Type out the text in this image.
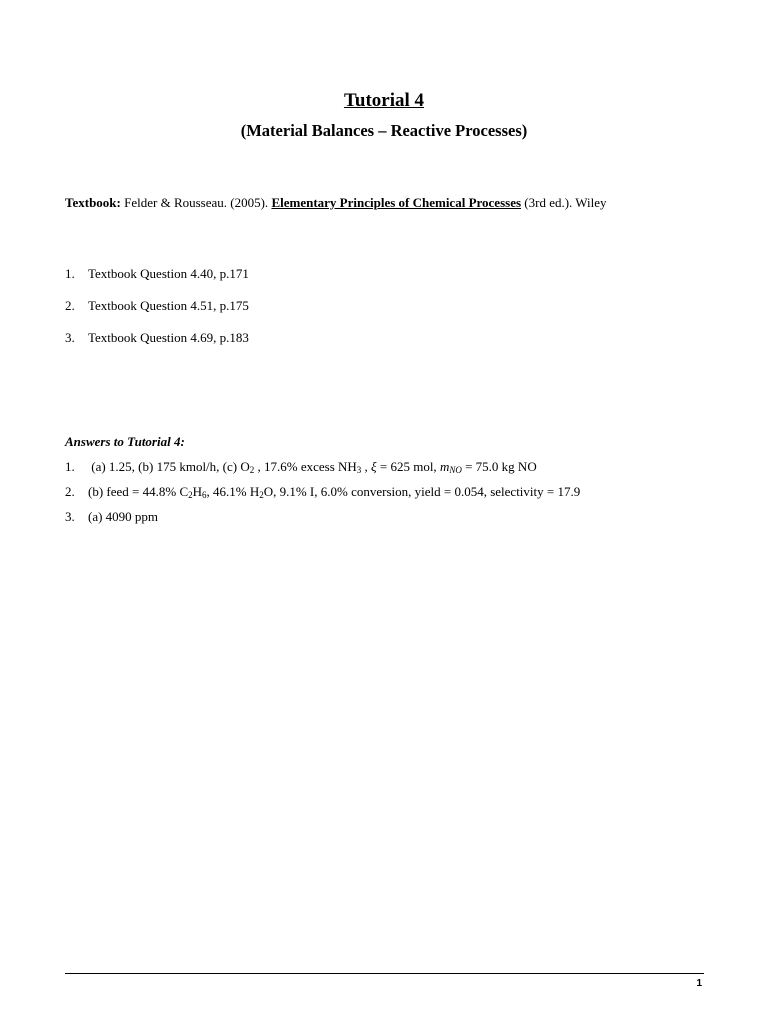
Tutorial 4
(Material Balances – Reactive Processes)
Textbook: Felder & Rousseau. (2005). Elementary Principles of Chemical Processes (3rd ed.). Wiley
1. Textbook Question 4.40, p.171
2. Textbook Question 4.51, p.175
3. Textbook Question 4.69, p.183
Answers to Tutorial 4:
1. (a) 1.25, (b) 175 kmol/h, (c) $O_2$ , 17.6% excess $NH_3$ , ξ = 625 mol, $m_{NO} = 75.0$ kg NO
2. (b) feed = 44.8% $C_2H_6$, 46.1% $H_2O$, 9.1% I, 6.0% conversion, yield = 0.054, selectivity = 17.9
3. (a) 4090 ppm
1
